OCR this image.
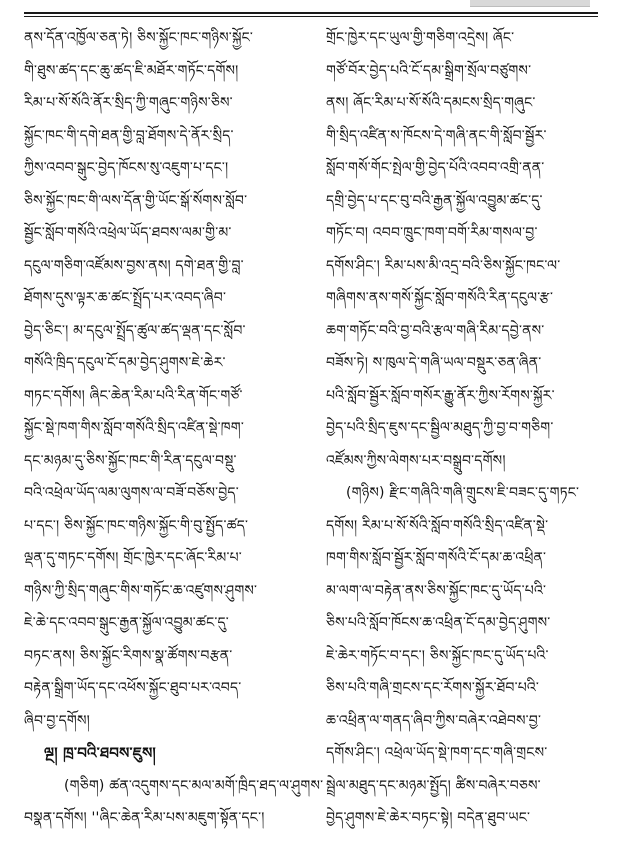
ནས་དོན་འཁྱོལ་ཅན་ཏེ། ཅིས་སྐྱོང་ཁང་གཉིས་སྐྱོང་
གི་ཐུས་ཚད་དང་ཆུ་ཚད་ཇི་མཐོར་གཏོང་དགོས།
རིམ་པ་སོ་སོའི་ནོར་སྲིད་ཀྱི་གཞུང་གཉིས་ཅིས་
སྐྱོང་ཁང་གི་དགེ་ཐན་གྱི་བླ་ཐོགས་དེ་ནོར་སྲིད་
ཀྱིས་འབབ་སྒུང་བྱེད་ཁོངས་སུ་འཇུག་པ་དང་།
ཅིས་སྐྱོང་ཁང་གི་ལས་དོན་གྱི་ཡོང་སྒོ་སོགས་སློབ་
སྦྱོང་སློབ་གསོའི་འཕྲེལ་ཡོད་ཐབས་ལམ་གྱི་མ་
དངུལ་གཅིག་འཛོམས་བྱས་ནས། དགེ་ཐན་གྱི་བླ་
ཐོགས་དུས་ལྟར་ཆ་ཚང་སྤྲོད་པར་འབད་ཞིབ་
བྱེད་ཅིང་། མ་དངུལ་སྤྲོད་ཚུལ་ཚད་ལྡན་དང་སློབ་
གསོའི་ཁྲིད་དངུལ་ངོ་དམ་བྱེད་ཤུགས་ཇེ་ཆེར་
གཏང་དགོས། ཞིང་ཆེན་རིམ་པའི་རིན་གོང་གཙོ་
སྐྱོང་སྡེ་ཁག་གིས་སློབ་གསོའི་སྲིད་འཛིན་སྡེ་ཁག་
དང་མཉམ་དུ་ཅིས་སྐྱོང་ཁང་གི་རིན་དངུལ་བསྡུ་
བའི་འཕྲེལ་ཡོད་ལམ་ལུགས་ལ་བཟོ་བཅོས་བྱེད་
པ་དང་། ཅིས་སྐྱོང་ཁང་གཉིས་སྐྱོང་གི་བུ་སྤྱོད་ཚད་
ལྡན་དུ་གཏང་དགོས། གྲོང་ཁྱེར་དང་ཞོང་རིམ་པ་
གཉིས་ཀྱི་སྲིད་གཞུང་གིས་གཏོང་ཆ་འཛུགས་ཤུགས་
ཇེ་ཆེ་དང་འབབ་སྒུང་རྒྱན་སྐྱོལ་འབྱུམ་ཚང་དུ་
བཏང་ནས། ཅིས་སྐྱོང་རིགས་སྣ་ཚོགས་བརྩན་
བརྟེན་སྒྲིག་ཡོད་དང་འཕོས་སྐྱོང་ཐུབ་པར་འབད་
ཞིབ་བྱ་དགོས།
ལྔ། ཁྲ་བའི་ཐབས་ཇུས།
(གཅིག) ཚན་འདུགས་དང་མལ་མགོ་ཁྲིད་ཐད་ལ་ཤུགས་
བསྣན་དགོས། ''ཞིང་ཆེན་རིམ་པས་མཇུག་སྟོན་དང་།
གྲོང་ཁྱེར་དང་ཡུལ་གྱི་གཅིག་འདྲེས། ཞོང་
གཙོ་བོར་བྱེད་པའི་ངོ་དམ་སྒྲིག་སྲོལ་བཙུགས་
ནས། ཞོང་རིམ་པ་སོ་སོའི་དམངས་སྲིད་གཞུང་
གི་སྲིད་འཛིན་ས་ཁོངས་དེ་གཞི་ནང་གི་སློབ་སྦྱོར་
སློབ་གསོ་གོང་སྤེལ་གྱི་བྱེད་པོའི་འབབ་འགྲི་ནན་
དགྲི་བྱེད་པ་དང་བུ་བའི་རྒྱན་སྐྱོལ་འབྱུམ་ཚང་དུ་
གཏོང་བ། འབབ་ཁྲུང་ཁག་བགོ་རིམ་གསལ་བྱ་
དགོས་ཤིང་། རིམ་པས་མི་འདྲ་བའི་ཅིས་སྐྱོང་ཁང་ལ་
གཞིགས་ནས་གསོ་སྐྱོང་སློབ་གསོའི་རིན་དངུལ་རྩ་
ཆག་གཏོང་བའི་བྱ་བའི་རྩལ་གཞི་རིམ་དབྱེ་ནས་
བཟོས་ཏེ། ས་ཁུལ་དེ་གཞི་ཡལ་བསྡུར་ཅན་ཞིན་
པའི་སློབ་སྦྱོར་སློབ་གསོར་རྒྱུ་ནོར་ཀྱིས་རོགས་སྐྱོར་
བྱེད་པའི་སྲིད་ཇུས་དང་སྦྱིལ་མཐུད་ཀྱི་བྱ་བ་གཅིག་
འཛོམས་ཀྱིས་ལེགས་པར་བསྒྲུབ་དགོས།
(གཉིས) རྫིང་གཞིའི་གཞི་གྲུངས་ཇི་བཟང་དུ་གཏང་
དགོས། རིམ་པ་སོ་སོའི་སློབ་གསོའི་སྲིད་འཛིན་སྡེ་
ཁག་གིས་སློབ་སྦྱོར་སློབ་གསོའི་ངོ་དམ་ཆ་འཕྲིན་
མ་ལག་ལ་བརྟེན་ནས་ཅིས་སྐྱོང་ཁང་དུ་ཡོད་པའི་
ཅིས་པའི་སློབ་ཁོངས་ཆ་འཕྲིན་ངོ་དམ་བྱེད་ཤུགས་
ཇེ་ཆེར་གཏོང་བ་དང་། ཅིས་སྐྱོང་ཁང་དུ་ཡོད་པའི་
ཅིས་པའི་གཞི་གྲངས་དང་རོགས་སྐྱོར་ཐོབ་པའི་
ཆ་འཕྲིན་ལ་གནད་ཞིབ་ཀྱིས་བཞེར་འཐེབས་བྱ་
དགོས་ཤིང་། འཕྲེལ་ཡོད་སྡེ་ཁག་དང་གཞི་གྲངས་
སྦྲེལ་མཐུད་དང་མཉམ་སྤྱོད། ཚིས་བཞེར་བཅས་
བྱེད་ཤུགས་ཇེ་ཆེར་བཏང་སྟེ། བདེན་ཐུབ་ཡང་
